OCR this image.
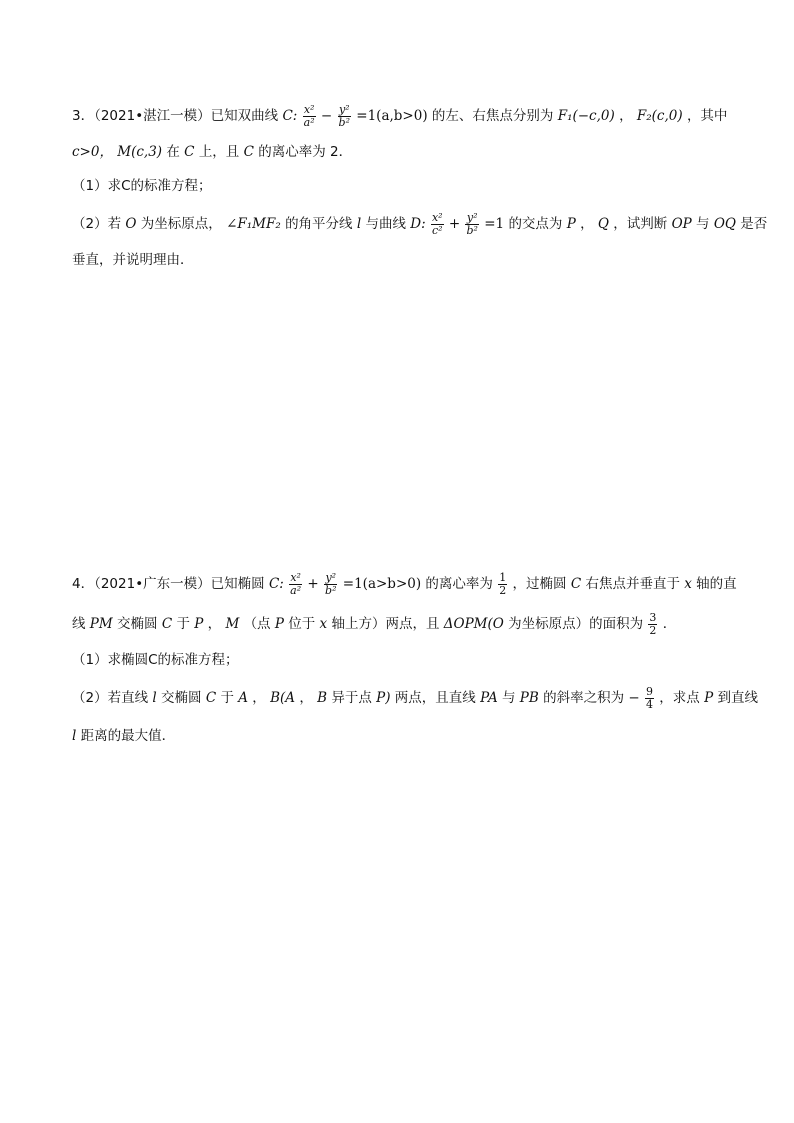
3．（2021•湛江一模）已知双曲线 C: $\frac{\text{x²}}{\text{a²}} - \frac{\text{y²}}{\text{b²}} =1(a,b>0)$ 的左、右焦点分别为 F₁(−c,0) ， F₂(c,0) ，其中
c>0， M(c,3) 在 C 上，且 C 的离心率为 2．
（1）求C的标准方程；
（2）若 O 为坐标原点， ∠F₁MF₂ 的角平分线 l 与曲线 D: $\frac{\text{x²}}{\text{c²}} + \frac{\text{y²}}{\text{b²}} =1$ 的交点为 P ， Q ，试判断 OP 与 OQ 是否
垂直，并说明理由．
4．（2021•广东一模）已知椭圆 C: $\frac{\text{x²}}{\text{a²}} + \frac{\text{y²}}{\text{b²}} =1(a>b>0)$ 的离心率为 $\frac{1}{2}$ ，过椭圆 C 右焦点并垂直于 x 轴的直
线 PM 交椭圆 C 于 P ， M （点 P 位于 x 轴上方）两点，且 ΔOPM(O 为坐标原点）的面积为 $\frac{3}{2}$ ．
（1）求椭圆C的标准方程；
（2）若直线 l 交椭圆 C 于 A ， B(A ， B 异于点 P) 两点，且直线 PA 与 PB 的斜率之积为 − $\frac{9}{4}$ ，求点 P 到直线
l 距离的最大值．
